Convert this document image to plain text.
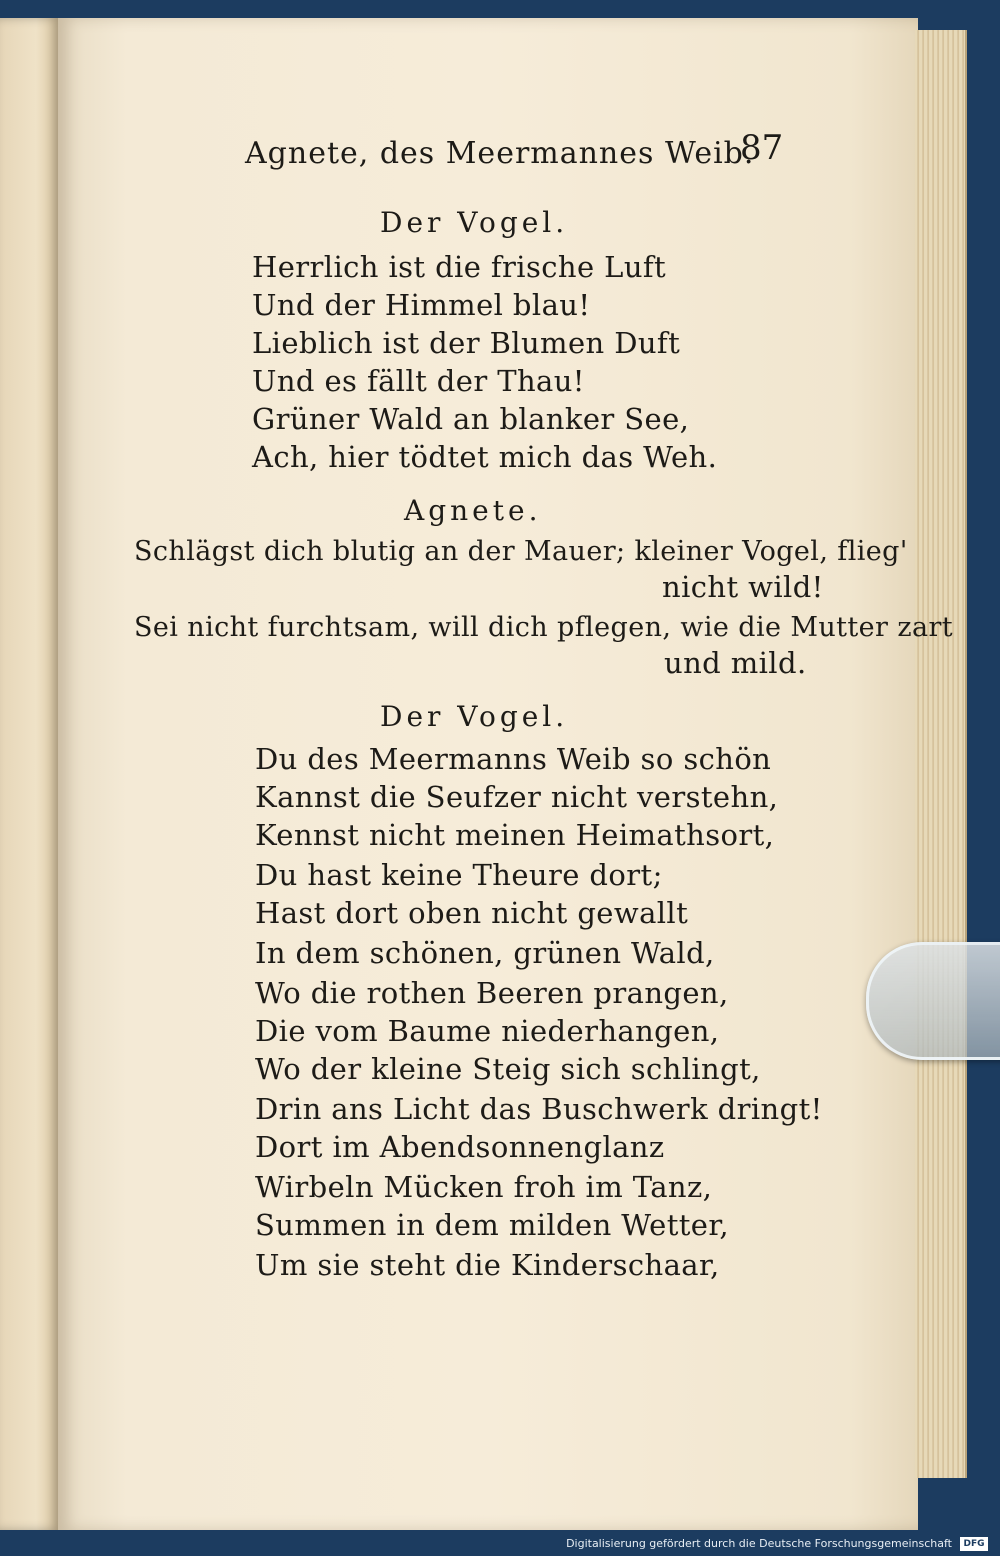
Agnete, des Meermannes Weib.
87
Der Vogel.
Herrlich ist die frische Luft
Und der Himmel blau!
Lieblich ist der Blumen Duft
Und es fällt der Thau!
Grüner Wald an blanker See,
Ach, hier tödtet mich das Weh.
Agnete.
Schlägst dich blutig an der Mauer; kleiner Vogel, flieg'
nicht wild!
Sei nicht furchtsam, will dich pflegen, wie die Mutter zart
und mild.
Der Vogel.
Du des Meermanns Weib so schön
Kannst die Seufzer nicht verstehn,
Kennst nicht meinen Heimathsort,
Du hast keine Theure dort;
Hast dort oben nicht gewallt
In dem schönen, grünen Wald,
Wo die rothen Beeren prangen,
Die vom Baume niederhangen,
Wo der kleine Steig sich schlingt,
Drin ans Licht das Buschwerk dringt!
Dort im Abendsonnenglanz
Wirbeln Mücken froh im Tanz,
Summen in dem milden Wetter,
Um sie steht die Kinderschaar,
Digitalisierung gefördert durch die Deutsche Forschungsgemeinschaft	DFG
